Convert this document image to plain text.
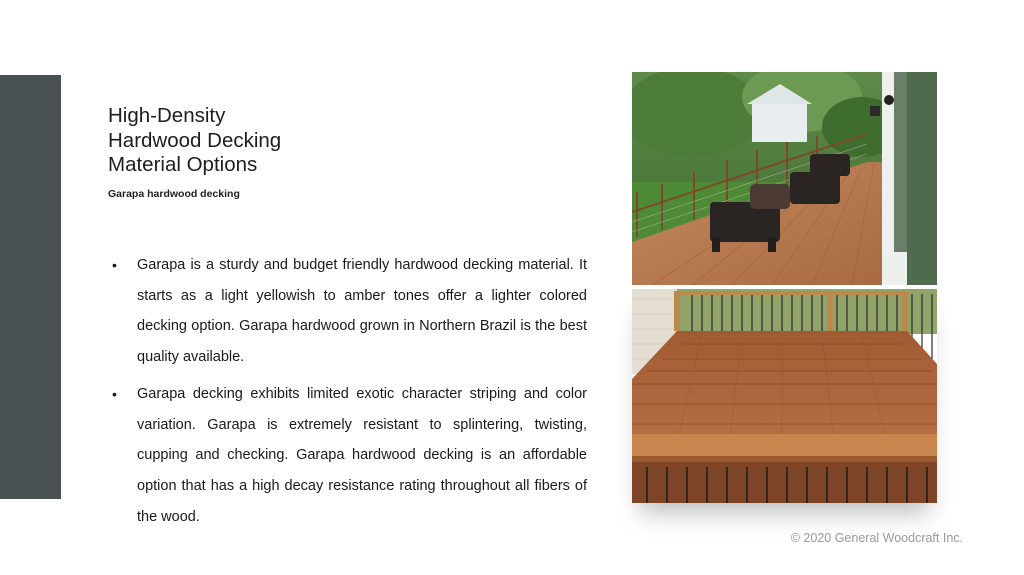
High-Density
Hardwood Decking
Material Options
Garapa hardwood decking
• Garapa is a sturdy and budget friendly hardwood decking material. It starts as a light yellowish to amber tones offer a lighter colored decking option. Garapa hardwood grown in Northern Brazil is the best quality available.
• Garapa decking exhibits limited exotic character striping and color variation. Garapa is extremely resistant to splintering, twisting, cupping and checking. Garapa hardwood decking is an affordable option that has a high decay resistance rating throughout all fibers of the wood.
© 2020 General Woodcraft Inc.
